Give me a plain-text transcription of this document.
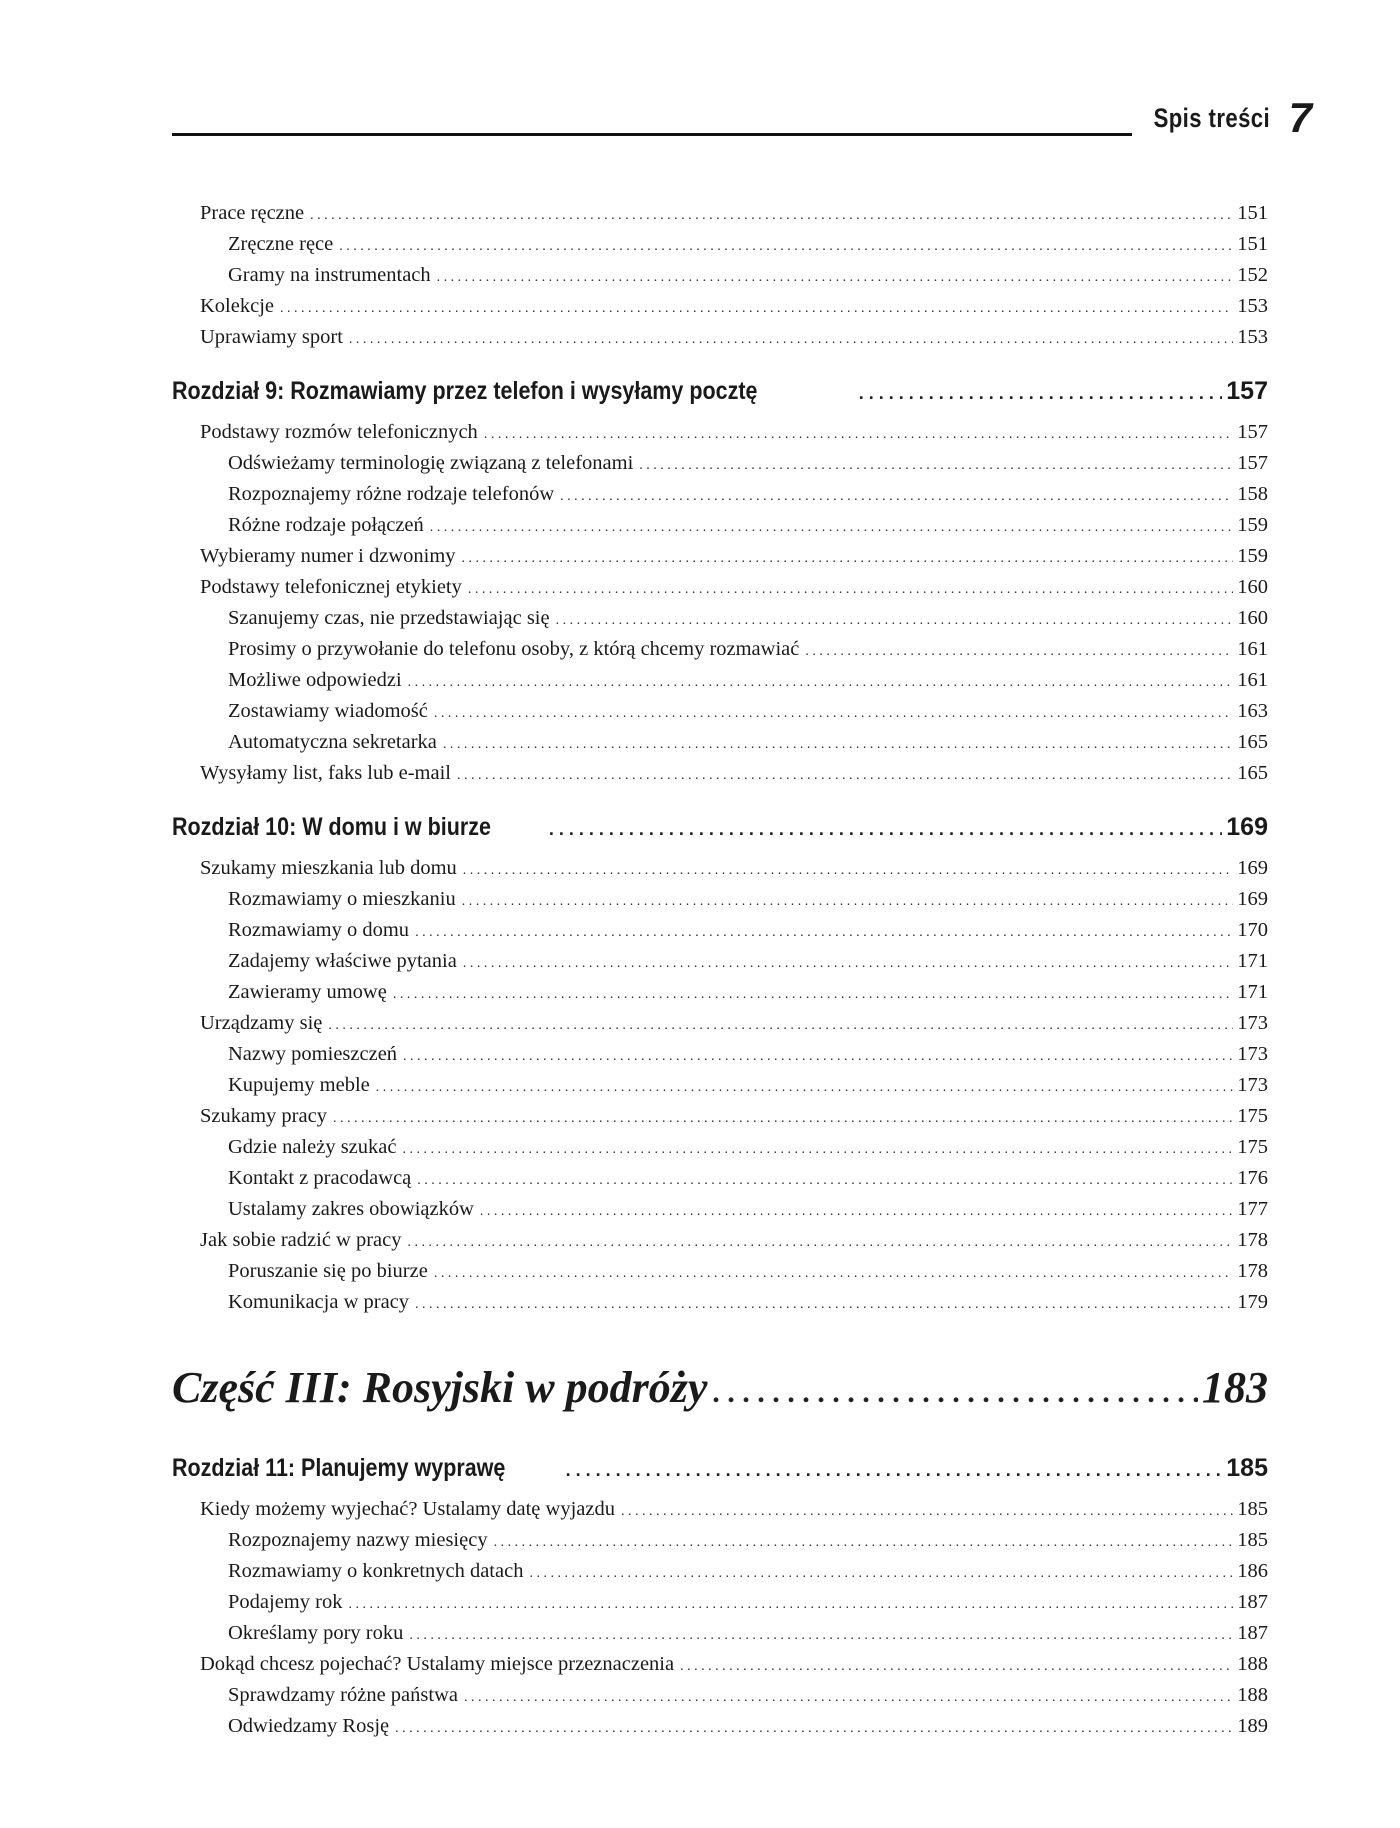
Spis treści 7
Prace ręczne . . .	151
Zręczne ręce . . .	151
Gramy na instrumentach . . .	152
Kolekcje . . .	153
Uprawiamy sport . . .	153
Rozdział 9: Rozmawiamy przez telefon i wysyłamy pocztę . . .	157
Podstawy rozmów telefonicznych . . .	157
Odświeżamy terminologię związaną z telefonami . . .	157
Rozpoznajemy różne rodzaje telefonów . . .	158
Różne rodzaje połączeń . . .	159
Wybieramy numer i dzwonimy . . .	159
Podstawy telefonicznej etykiety . . .	160
Szanujemy czas, nie przedstawiając się . . .	160
Prosimy o przywołanie do telefonu osoby, z którą chcemy rozmawiać . . .	161
Możliwe odpowiedzi . . .	161
Zostawiamy wiadomość . . .	163
Automatyczna sekretarka . . .	165
Wysyłamy list, faks lub e-mail . . .	165
Rozdział 10: W domu i w biurze . . .	169
Szukamy mieszkania lub domu . . .	169
Rozmawiamy o mieszkaniu . . .	169
Rozmawiamy o domu . . .	170
Zadajemy właściwe pytania . . .	171
Zawieramy umowę . . .	171
Urządzamy się . . .	173
Nazwy pomieszczeń . . .	173
Kupujemy meble . . .	173
Szukamy pracy . . .	175
Gdzie należy szukać . . .	175
Kontakt z pracodawcą . . .	176
Ustalamy zakres obowiązków . . .	177
Jak sobie radzić w pracy . . .	178
Poruszanie się po biurze . . .	178
Komunikacja w pracy . . .	179
Część III: Rosyjski w podróży . . .	183
Rozdział 11: Planujemy wyprawę . . .	185
Kiedy możemy wyjechać? Ustalamy datę wyjazdu . . .	185
Rozpoznajemy nazwy miesięcy . . .	185
Rozmawiamy o konkretnych datach . . .	186
Podajemy rok . . .	187
Określamy pory roku . . .	187
Dokąd chcesz pojechać? Ustalamy miejsce przeznaczenia . . .	188
Sprawdzamy różne państwa . . .	188
Odwiedzamy Rosję . . .	189
